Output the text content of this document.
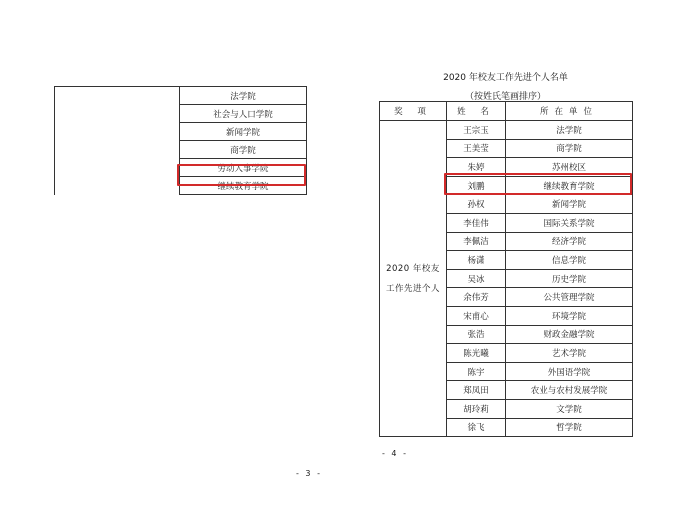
	法学院
社会与人口学院
新闻学院
商学院
劳动人事学院
继续教育学院
- 3 -
2020 年校友工作先进个人名单
（按姓氏笔画排序）
奖 项	姓 名	所在单位

2020 年校友
工作先进个人	王宗玉	法学院
	王美莹	商学院
	朱婷	苏州校区
	刘鹏	继续教育学院
	孙权	新闻学院
	李佳伟	国际关系学院
	李佩洁	经济学院
	杨潇	信息学院
	吴冰	历史学院
	余伟芳	公共管理学院
	宋甫心	环境学院
	张浩	财政金融学院
	陈光曦	艺术学院
	陈宇	外国语学院
	郑凤田	农业与农村发展学院
	胡玲莉	文学院
	徐飞	哲学院
- 4 -
